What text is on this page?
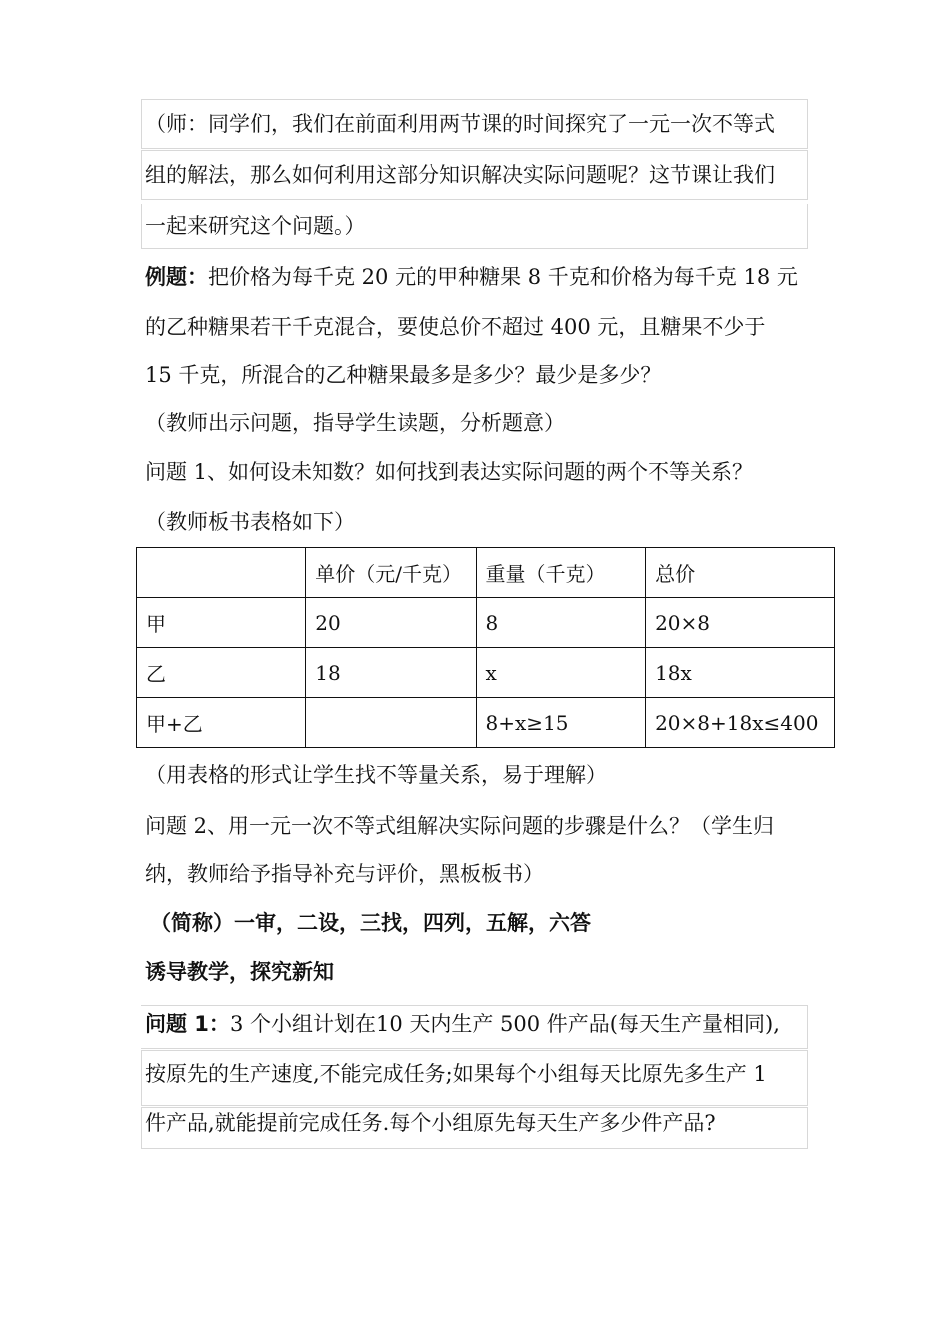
（师：同学们，我们在前面利用两节课的时间探究了一元一次不等式
组的解法，那么如何利用这部分知识解决实际问题呢？这节课让我们
一起来研究这个问题。）
例题：把价格为每千克 20 元的甲种糖果 8 千克和价格为每千克 18 元
的乙种糖果若干千克混合，要使总价不超过 400 元，且糖果不少于
15 千克，所混合的乙种糖果最多是多少？最少是多少？
（教师出示问题，指导学生读题，分析题意）
问题 1、如何设未知数？如何找到表达实际问题的两个不等关系？
（教师板书表格如下）
	单价（元/千克）	重量（千克）	总价
甲	20	8	20×8
乙	18	x	18x
甲+乙		8+x≥15	20×8+18x≤400
（用表格的形式让学生找不等量关系，易于理解）
问题 2、用一元一次不等式组解决实际问题的步骤是什么？（学生归
纳，教师给予指导补充与评价，黑板板书）
（简称）一审，二设，三找，四列，五解，六答
诱导教学，探究新知
问题 1：3 个小组计划在10 天内生产 500 件产品(每天生产量相同),
按原先的生产速度,不能完成任务;如果每个小组每天比原先多生产 1
件产品,就能提前完成任务.每个小组原先每天生产多少件产品?
